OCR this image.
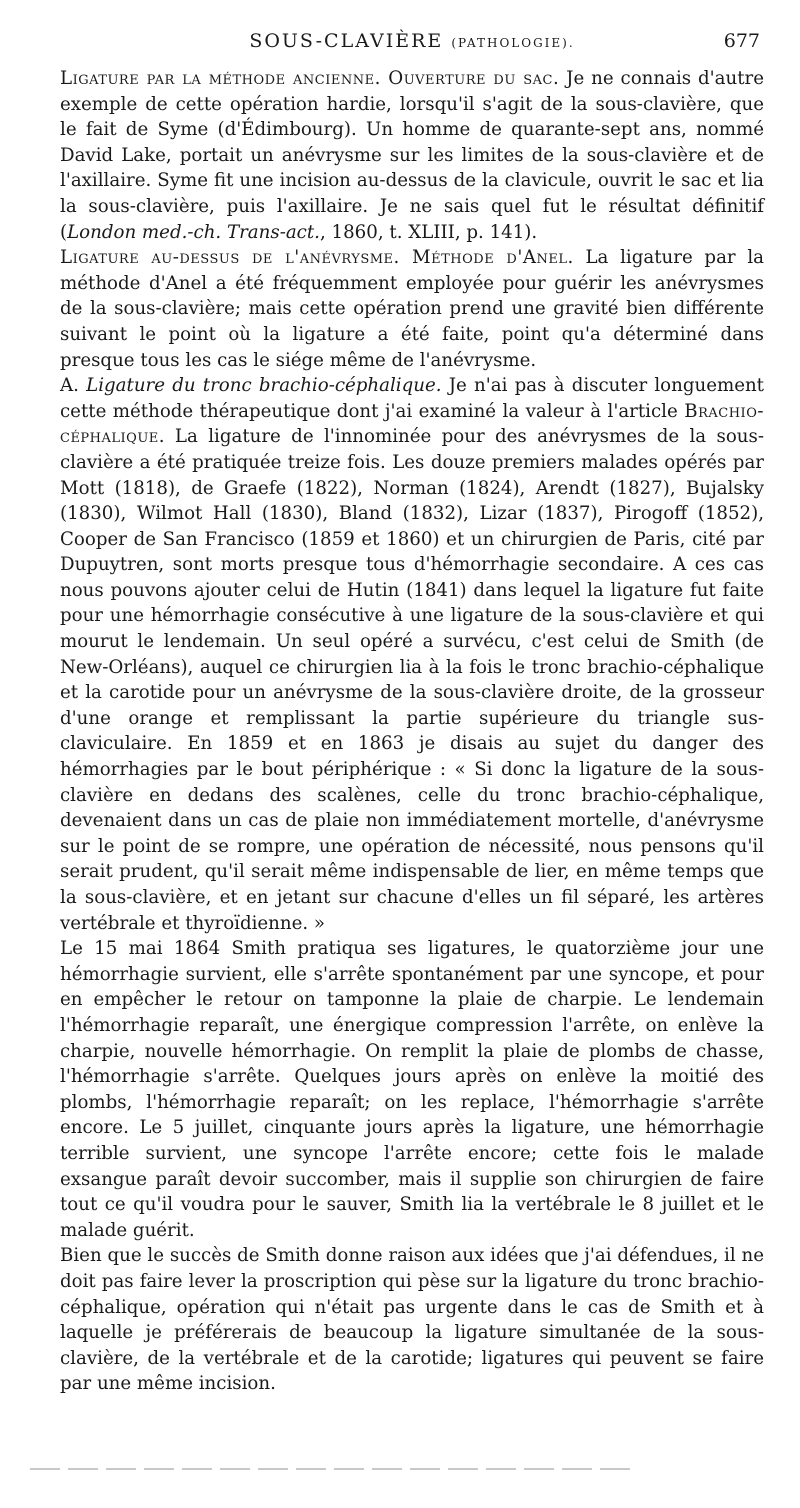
SOUS-CLAVIÈRE (PATHOLOGIE).	677

Ligature par la méthode ancienne. Ouverture du sac. Je ne connais d'autre exemple de cette opération hardie, lorsqu'il s'agit de la sous-clavière, que le fait de Syme (d'Édimbourg). Un homme de quarante-sept ans, nommé David Lake, portait un anévrysme sur les limites de la sous-clavière et de l'axillaire. Syme fit une incision au-dessus de la clavicule, ouvrit le sac et lia la sous-clavière, puis l'axillaire. Je ne sais quel fut le résultat définitif (London med.-ch. Trans-act., 1860, t. XLIII, p. 141).

Ligature au-dessus de l'anévrysme. Méthode d'Anel. La ligature par la méthode d'Anel a été fréquemment employée pour guérir les anévrysmes de la sous-clavière; mais cette opération prend une gravité bien différente suivant le point où la ligature a été faite, point qu'a déterminé dans presque tous les cas le siége même de l'anévrysme.

A. Ligature du tronc brachio-céphalique. Je n'ai pas à discuter longuement cette méthode thérapeutique dont j'ai examiné la valeur à l'article Brachio-céphalique. La ligature de l'innominée pour des anévrysmes de la sous-clavière a été pratiquée treize fois. Les douze premiers malades opérés par Mott (1818), de Graefe (1822), Norman (1824), Arendt (1827), Bujalsky (1830), Wilmot Hall (1830), Bland (1832), Lizar (1837), Pirogoff (1852), Cooper de San Francisco (1859 et 1860) et un chirurgien de Paris, cité par Dupuytren, sont morts presque tous d'hémorrhagie secondaire. A ces cas nous pouvons ajouter celui de Hutin (1841) dans lequel la ligature fut faite pour une hémorrhagie consécutive à une ligature de la sous-clavière et qui mourut le lendemain. Un seul opéré a survécu, c'est celui de Smith (de New-Orléans), auquel ce chirurgien lia à la fois le tronc brachio-céphalique et la carotide pour un anévrysme de la sous-clavière droite, de la grosseur d'une orange et remplissant la partie supérieure du triangle sus-claviculaire. En 1859 et en 1863 je disais au sujet du danger des hémorrhagies par le bout périphérique : « Si donc la ligature de la sous-clavière en dedans des scalènes, celle du tronc brachio-céphalique, devenaient dans un cas de plaie non immédiatement mortelle, d'anévrysme sur le point de se rompre, une opération de nécessité, nous pensons qu'il serait prudent, qu'il serait même indispensable de lier, en même temps que la sous-clavière, et en jetant sur chacune d'elles un fil séparé, les artères vertébrale et thyroïdienne. »

Le 15 mai 1864 Smith pratiqua ses ligatures, le quatorzième jour une hémorrhagie survient, elle s'arrête spontanément par une syncope, et pour en empêcher le retour on tamponne la plaie de charpie. Le lendemain l'hémorrhagie reparaît, une énergique compression l'arrête, on enlève la charpie, nouvelle hémorrhagie. On remplit la plaie de plombs de chasse, l'hémorrhagie s'arrête. Quelques jours après on enlève la moitié des plombs, l'hémorrhagie reparaît; on les replace, l'hémorrhagie s'arrête encore. Le 5 juillet, cinquante jours après la ligature, une hémorrhagie terrible survient, une syncope l'arrête encore; cette fois le malade exsangue paraît devoir succomber, mais il supplie son chirurgien de faire tout ce qu'il voudra pour le sauver, Smith lia la vertébrale le 8 juillet et le malade guérit.

Bien que le succès de Smith donne raison aux idées que j'ai défendues, il ne doit pas faire lever la proscription qui pèse sur la ligature du tronc brachio-céphalique, opération qui n'était pas urgente dans le cas de Smith et à laquelle je préférerais de beaucoup la ligature simultanée de la sous-clavière, de la vertébrale et de la carotide; ligatures qui peuvent se faire par une même incision.
